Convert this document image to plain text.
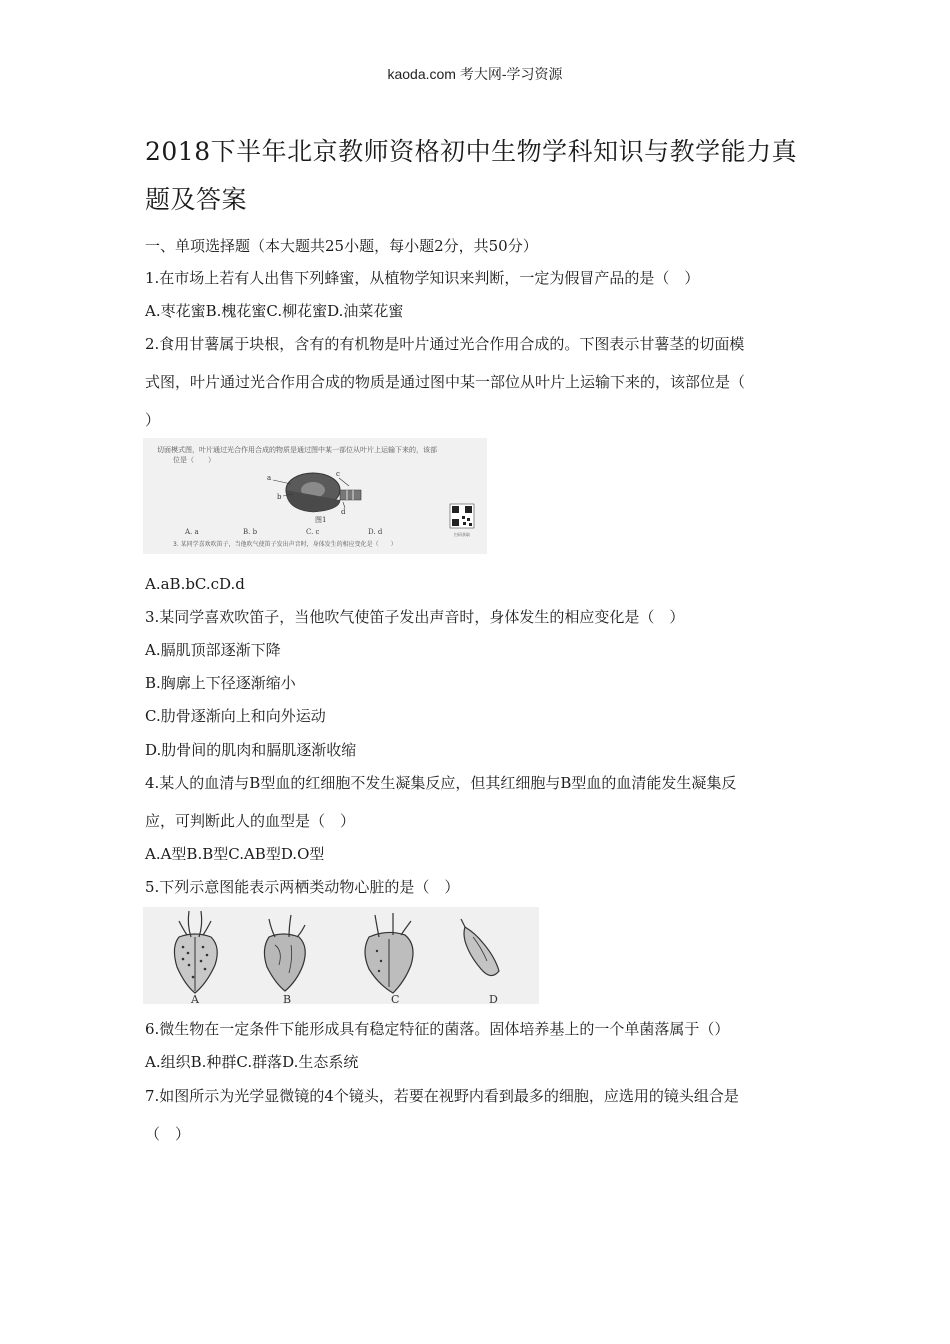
kaoda.com 考大网-学习资源
2018下半年北京教师资格初中生物学科知识与教学能力真题及答案
一、单项选择题（本大题共25小题，每小题2分，共50分）
1.在市场上若有人出售下列蜂蜜，从植物学知识来判断，一定为假冒产品的是（　）
A.枣花蜜B.槐花蜜C.柳花蜜D.油菜花蜜
2.食用甘薯属于块根，含有的有机物是叶片通过光合作用合成的。下图表示甘薯茎的切面模
式图，叶片通过光合作用合成的物质是通过图中某一部位从叶片上运输下来的，该部位是（
）
切面模式图，叶片通过光合作用合成的物质是通过图中某一部位从叶片上运输下来的，该部
位是（　　）
a
b
c
d
图1
A. a	B. b	C. c	D. d
3. 某同学喜欢吹笛子，当他吹气使笛子发出声音时，身体发生的相应变化是（　　）
扫码获取
A.aB.bC.cD.d
3.某同学喜欢吹笛子，当他吹气使笛子发出声音时，身体发生的相应变化是（　）
A.膈肌顶部逐渐下降
B.胸廓上下径逐渐缩小
C.肋骨逐渐向上和向外运动
D.肋骨间的肌肉和膈肌逐渐收缩
4.某人的血清与B型血的红细胞不发生凝集反应，但其红细胞与B型血的血清能发生凝集反
应，可判断此人的血型是（　）
A.A型B.B型C.AB型D.O型
5.下列示意图能表示两栖类动物心脏的是（　）
A	B	C	D
6.微生物在一定条件下能形成具有稳定特征的菌落。固体培养基上的一个单菌落属于（）
A.组织B.种群C.群落D.生态系统
7.如图所示为光学显微镜的4个镜头，若要在视野内看到最多的细胞，应选用的镜头组合是
（　）
